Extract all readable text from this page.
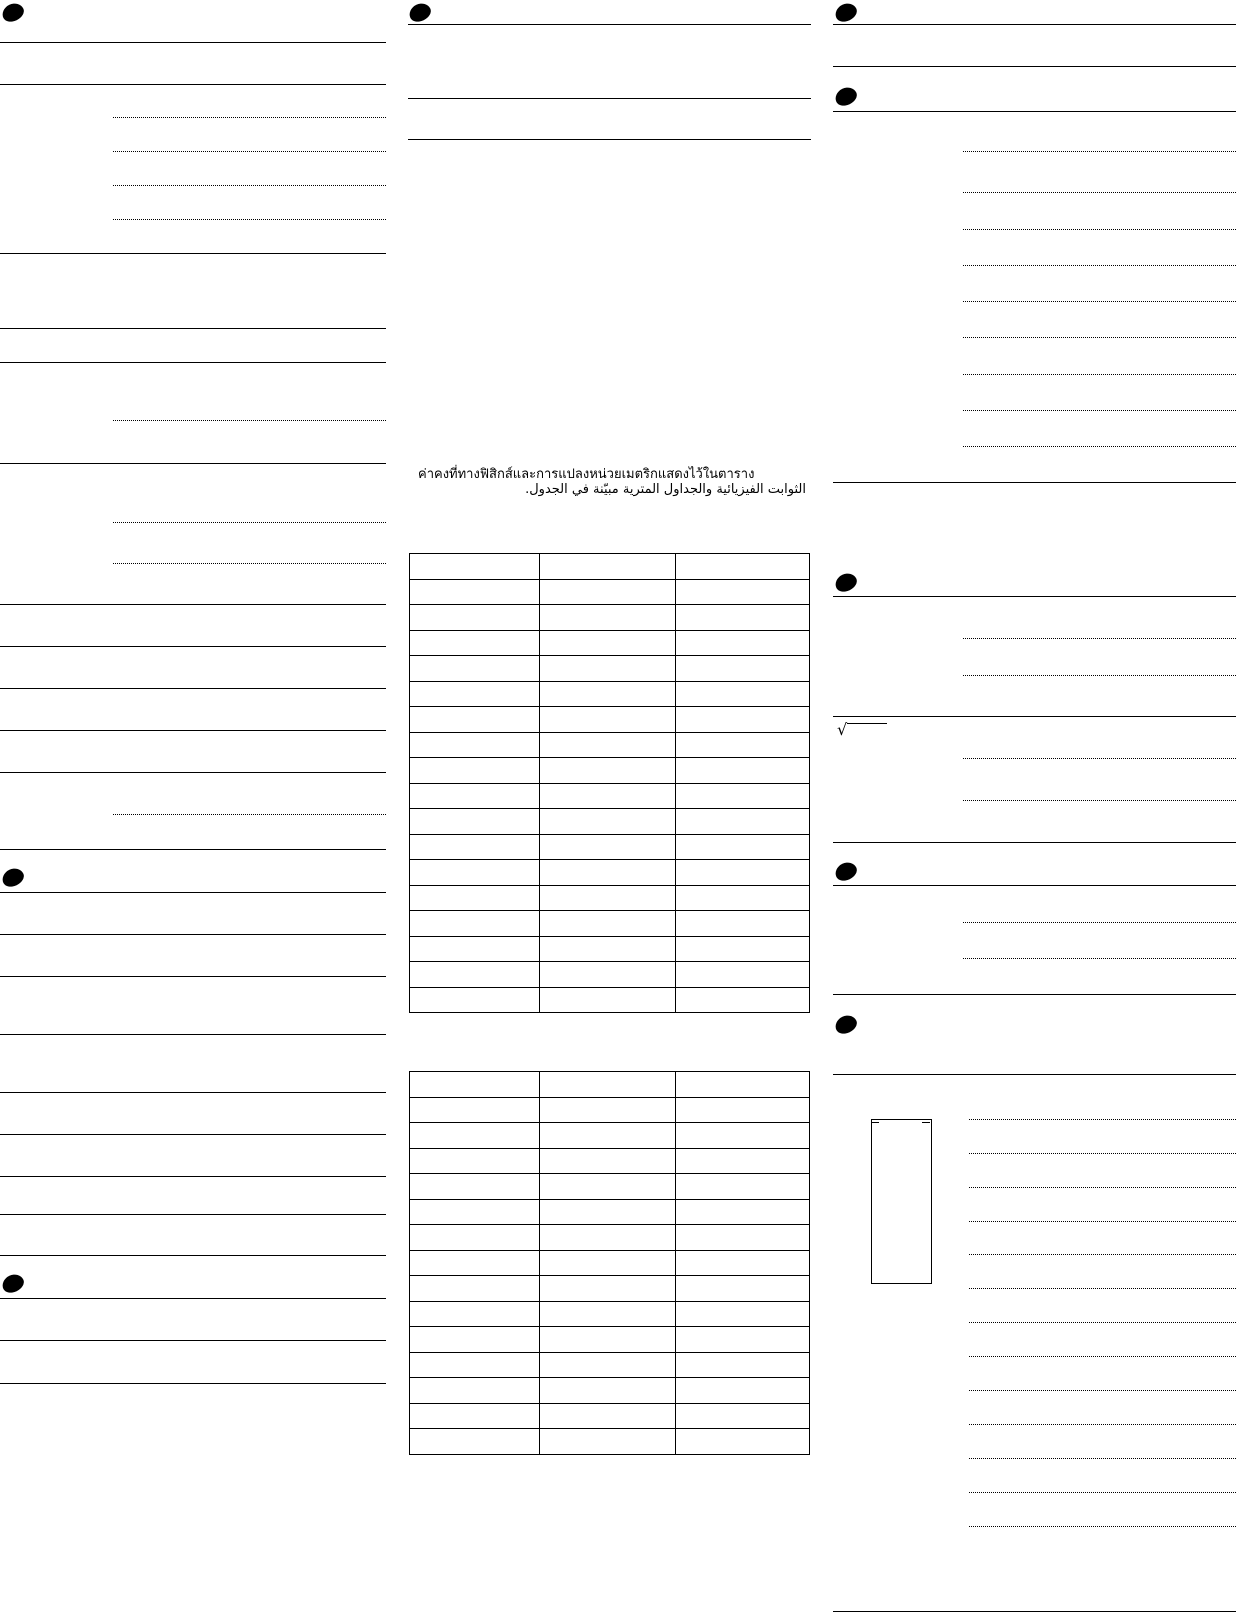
ค่าคงที่ทางฟิสิกส์และการแปลงหน่วยเมตริกแสดงไว้ในตาราง
الثوابت الفيزيائية والجداول المترية مبيّنة في الجدول.

√
